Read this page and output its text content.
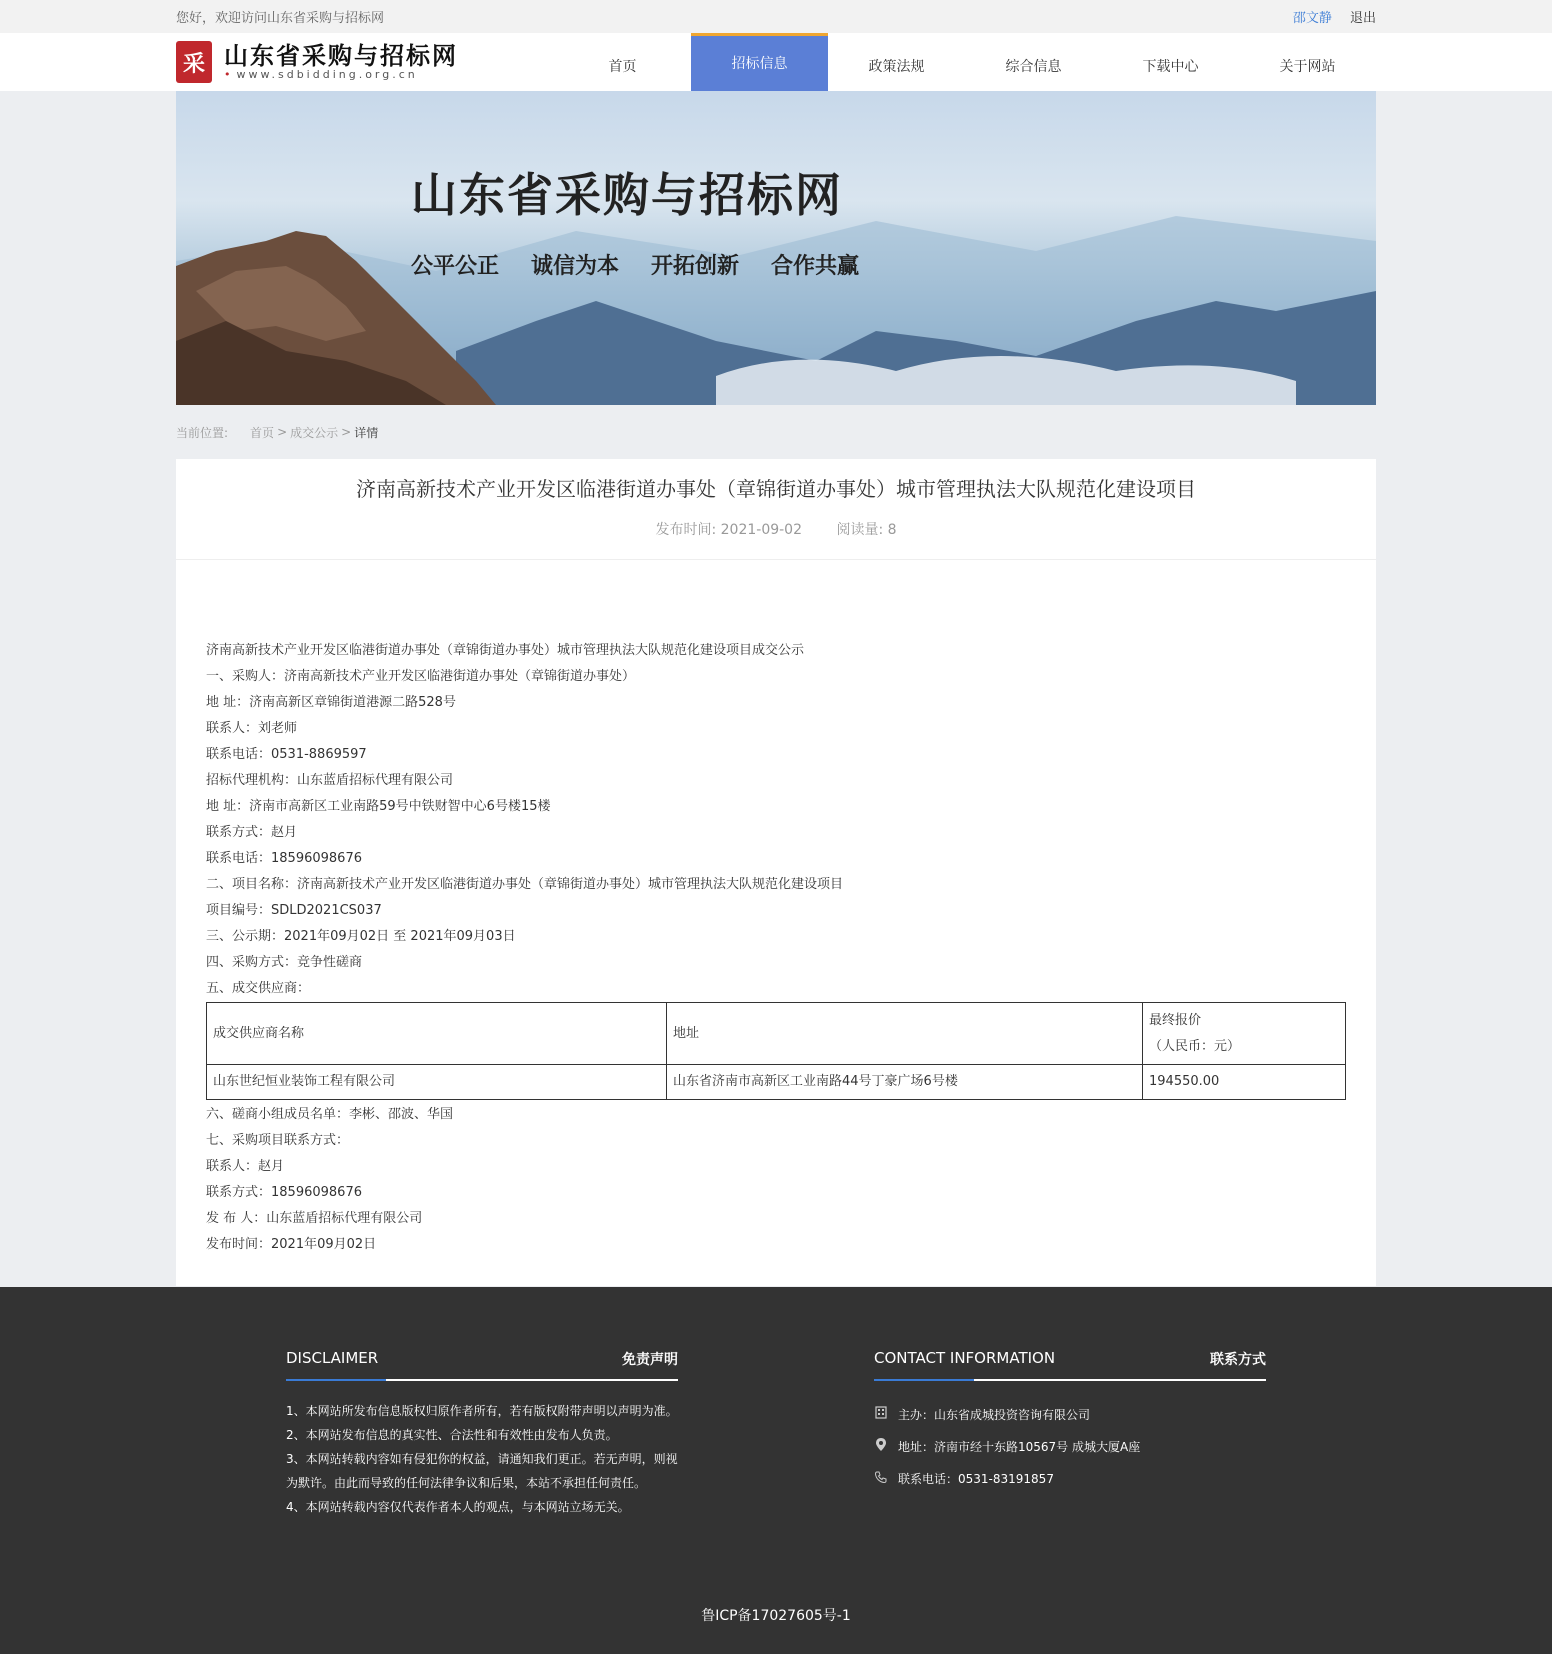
您好，欢迎访问山东省采购与招标网	邵文静 退出
采 山东省采购与招标网
• www.sdbidding.org.cn	首页	招标信息	政策法规	综合信息	下载中心	关于网站
山东省采购与招标网
公平公正 诚信为本 开拓创新 合作共赢
当前位置: 首页 > 成交公示 > 详情
济南高新技术产业开发区临港街道办事处（章锦街道办事处）城市管理执法大队规范化建设项目
发布时间: 2021-09-02 阅读量: 8

济南高新技术产业开发区临港街道办事处（章锦街道办事处）城市管理执法大队规范化建设项目成交公示

一、采购人：济南高新技术产业开发区临港街道办事处（章锦街道办事处）

地 址：济南高新区章锦街道港源二路528号

联系人：刘老师

联系电话：0531-8869597

招标代理机构：山东蓝盾招标代理有限公司

地 址：济南市高新区工业南路59号中铁财智中心6号楼15楼

联系方式：赵月

联系电话：18596098676

二、项目名称：济南高新技术产业开发区临港街道办事处（章锦街道办事处）城市管理执法大队规范化建设项目

项目编号：SDLD2021CS037

三、公示期：2021年09月02日 至 2021年09月03日

四、采购方式：竞争性磋商

五、成交供应商：

成交供应商名称	地址	最终报价
（人民币：元）

山东世纪恒业装饰工程有限公司	山东省济南市高新区工业南路44号丁豪广场6号楼	194550.00

六、磋商小组成员名单：李彬、邵波、华国

七、采购项目联系方式：

联系人：赵月

联系方式：18596098676

发 布 人：山东蓝盾招标代理有限公司

发布时间：2021年09月02日

DISCLAIMER	免责声明
1、本网站所发布信息版权归原作者所有，若有版权附带声明以声明为准。
2、本网站发布信息的真实性、合法性和有效性由发布人负责。
3、本网站转载内容如有侵犯你的权益，请通知我们更正。若无声明，则视为默许。由此而导致的任何法律争议和后果，本站不承担任何责任。
4、本网站转载内容仅代表作者本人的观点，与本网站立场无关。
CONTACT INFORMATION	联系方式
主办：山东省成城投资咨询有限公司
地址：济南市经十东路10567号 成城大厦A座
联系电话：0531-83191857
鲁ICP备17027605号-1
